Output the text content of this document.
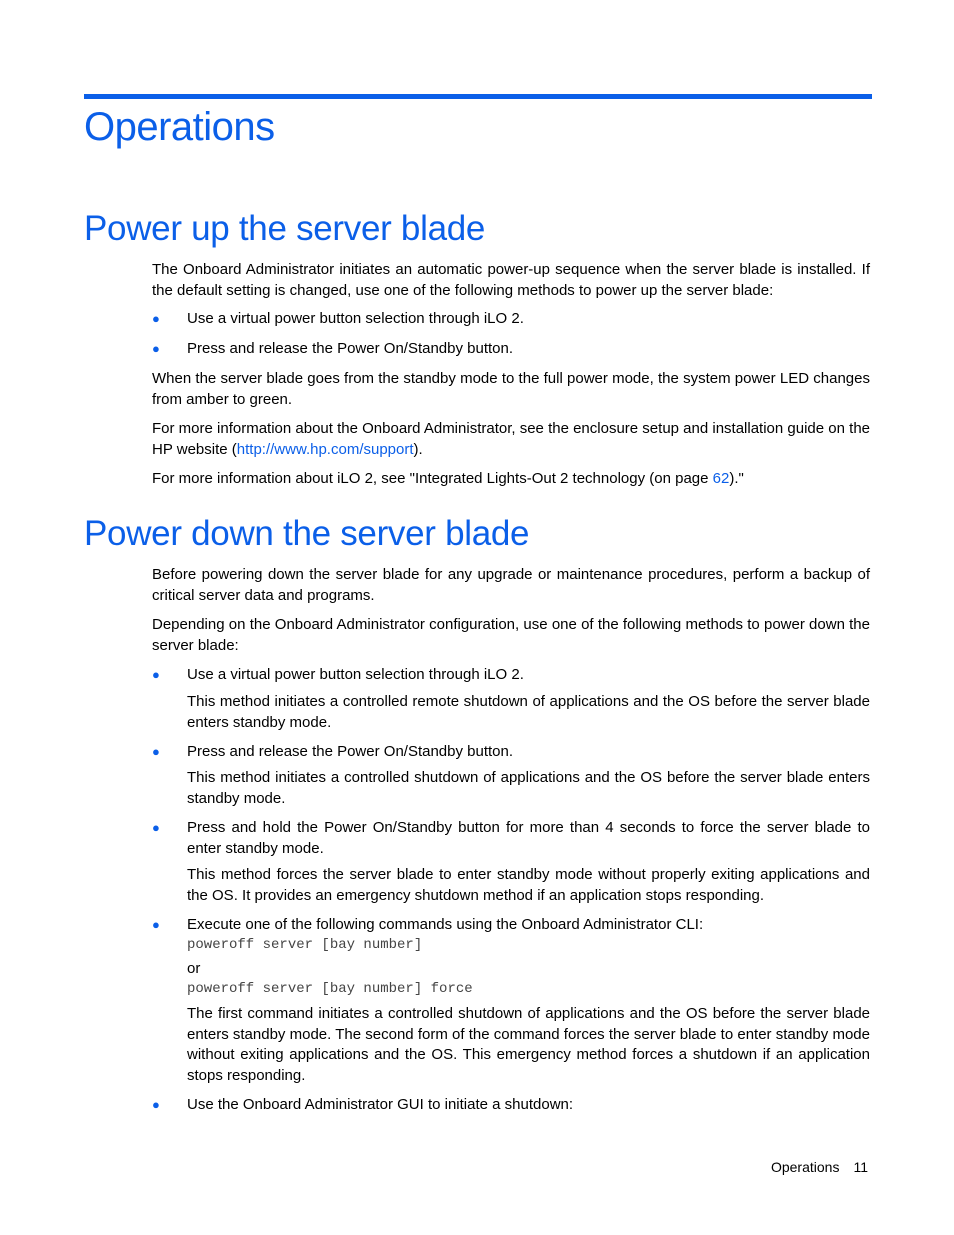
Operations
Power up the server blade

The Onboard Administrator initiates an automatic power-up sequence when the server blade is installed. If the default setting is changed, use one of the following methods to power up the server blade:

● Use a virtual power button selection through iLO 2.
● Press and release the Power On/Standby button.

When the server blade goes from the standby mode to the full power mode, the system power LED changes from amber to green.

For more information about the Onboard Administrator, see the enclosure setup and installation guide on the HP website (http://www.hp.com/support).

For more information about iLO 2, see "Integrated Lights-Out 2 technology (on page 62)."

Power down the server blade

Before powering down the server blade for any upgrade or maintenance procedures, perform a backup of critical server data and programs.

Depending on the Onboard Administrator configuration, use one of the following methods to power down the server blade:

● Use a virtual power button selection through iLO 2.

This method initiates a controlled remote shutdown of applications and the OS before the server blade enters standby mode.

● Press and release the Power On/Standby button.

This method initiates a controlled shutdown of applications and the OS before the server blade enters standby mode.

● Press and hold the Power On/Standby button for more than 4 seconds to force the server blade to enter standby mode.

This method forces the server blade to enter standby mode without properly exiting applications and the OS. It provides an emergency shutdown method if an application stops responding.

● Execute one of the following commands using the Onboard Administrator CLI:

poweroff server [bay number]

or

poweroff server [bay number] force

The first command initiates a controlled shutdown of applications and the OS before the server blade enters standby mode. The second form of the command forces the server blade to enter standby mode without exiting applications and the OS. This emergency method forces a shutdown if an application stops responding.

● Use the Onboard Administrator GUI to initiate a shutdown:
Operations 11
